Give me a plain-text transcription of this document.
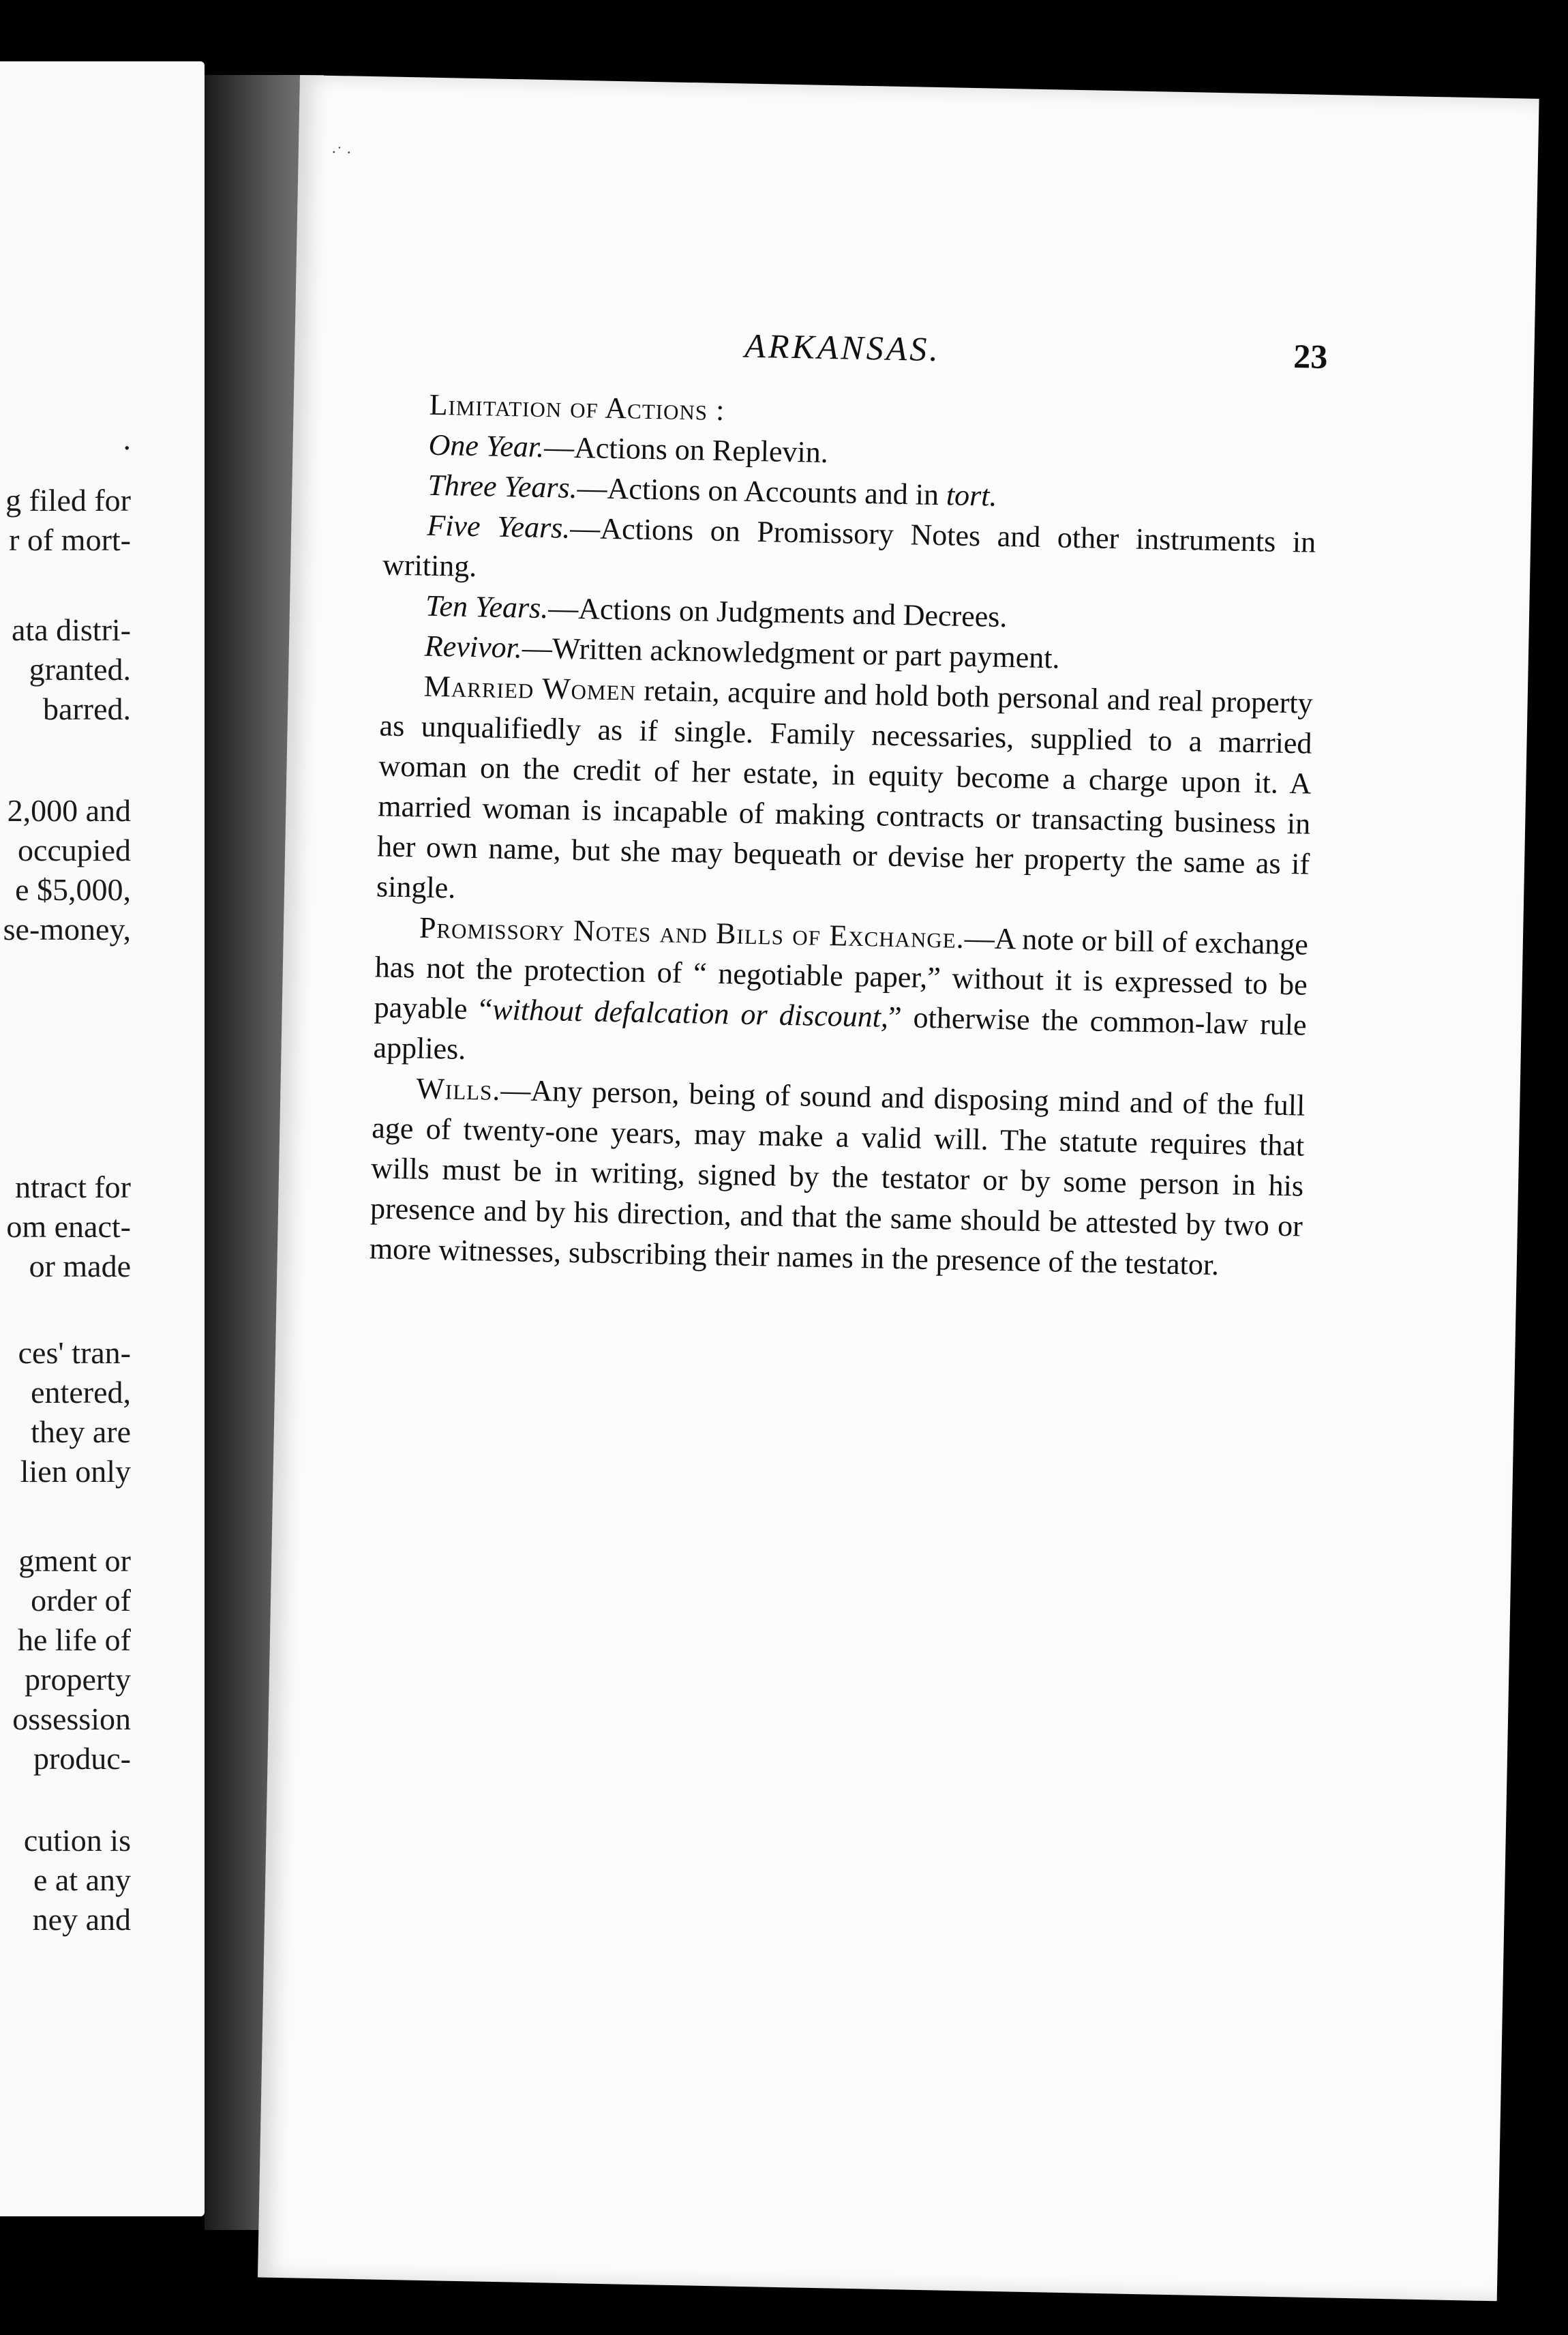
.
g filed for
r of mort-
ata distri-
granted.
barred.
2,000 and
occupied
e $5,000,
se-money,
ntract for
om enact-
or made
ces' tran-
entered,
they are
lien only
gment or
order of
he life of
property
ossession
produc-
cution is
e at any
ney and
·˙ ·
ARKANSAS.	23

Limitation of Actions :

One Year.—Actions on Replevin.

Three Years.—Actions on Accounts and in tort.

Five Years.—Actions on Promissory Notes and other instruments in writing.

Ten Years.—Actions on Judgments and Decrees.

Revivor.—Written acknowledgment or part payment.

Married Women retain, acquire and hold both personal and real property as unqualifiedly as if single. Family necessaries, supplied to a married woman on the credit of her estate, in equity become a charge upon it. A married woman is incapable of making contracts or transacting business in her own name, but she may bequeath or devise her property the same as if single.

Promissory Notes and Bills of Exchange.—A note or bill of exchange has not the protection of “ negotiable paper,” without it is expressed to be payable “without defalcation or discount,” otherwise the common-law rule applies.

Wills.—Any person, being of sound and disposing mind and of the full age of twenty-one years, may make a valid will. The statute requires that wills must be in writing, signed by the testator or by some person in his presence and by his direction, and that the same should be attested by two or more witnesses, subscribing their names in the presence of the testator.
